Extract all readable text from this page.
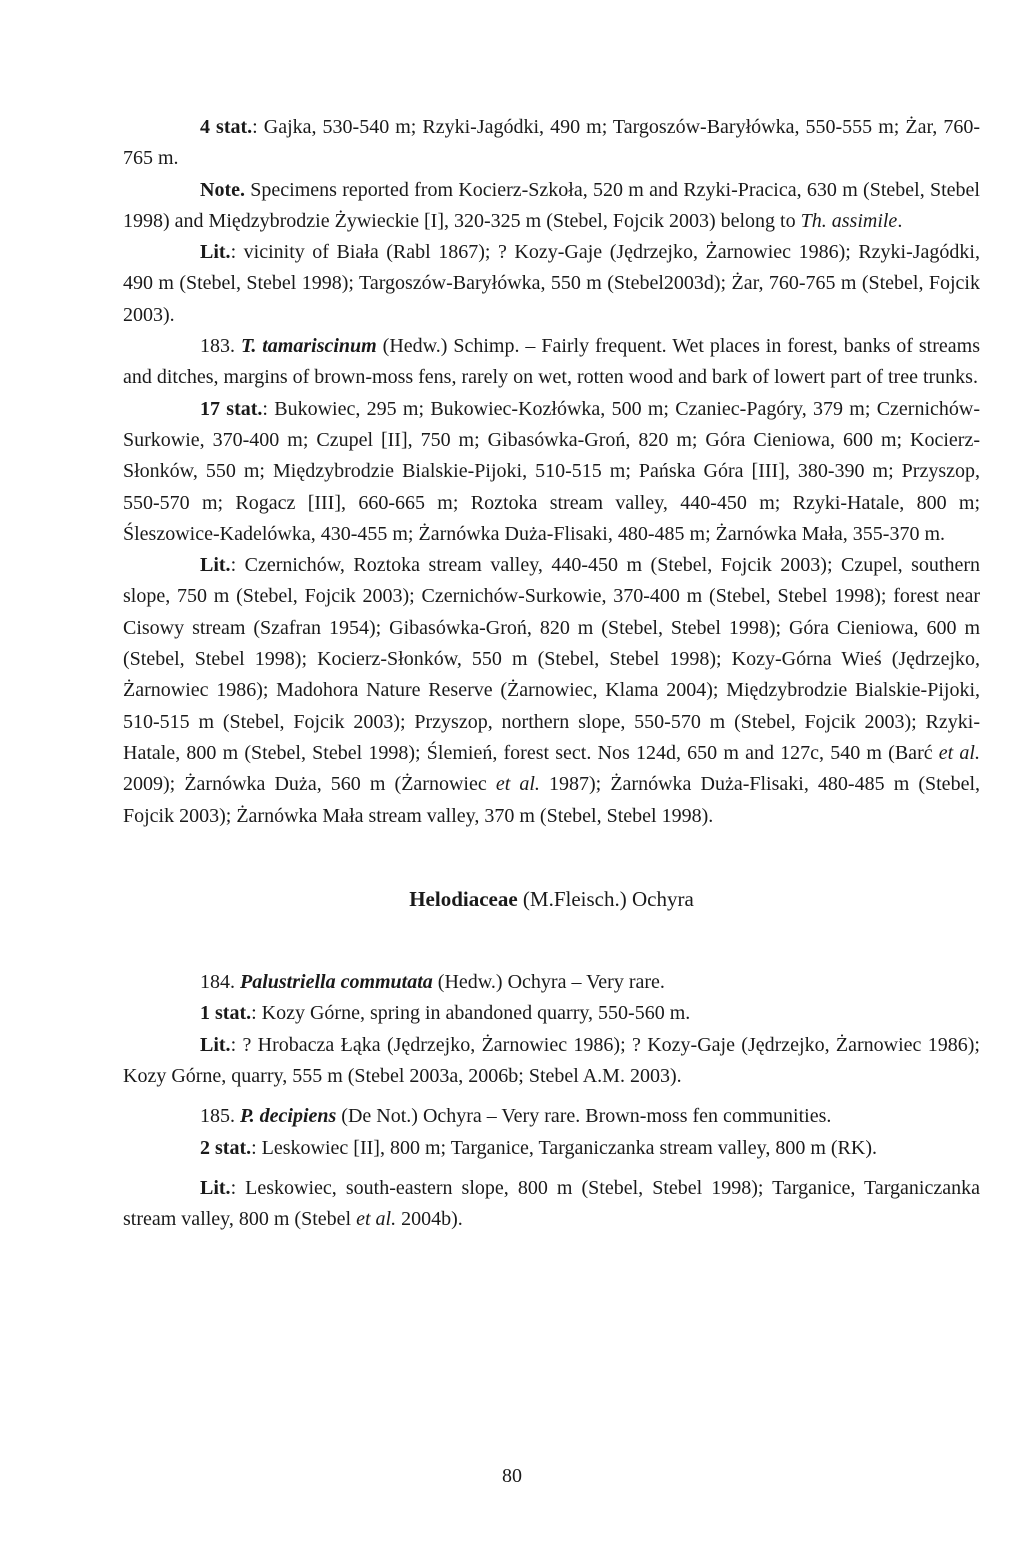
4 stat.: Gajka, 530-540 m; Rzyki-Jagódki, 490 m; Targoszów-Baryłówka, 550-555 m; Żar, 760-765 m.

Note. Specimens reported from Kocierz-Szkoła, 520 m and Rzyki-Pracica, 630 m (Stebel, Stebel 1998) and Międzybrodzie Żywieckie [I], 320-325 m (Stebel, Fojcik 2003) belong to Th. assimile.

Lit.: vicinity of Biała (Rabl 1867); ? Kozy-Gaje (Jędrzejko, Żarnowiec 1986); Rzyki-Jagódki, 490 m (Stebel, Stebel 1998); Targoszów-Baryłówka, 550 m (Stebel2003d); Żar, 760-765 m (Stebel, Fojcik 2003).

183. T. tamariscinum (Hedw.) Schimp. – Fairly frequent. Wet places in forest, banks of streams and ditches, margins of brown-moss fens, rarely on wet, rotten wood and bark of lowert part of tree trunks.

17 stat.: Bukowiec, 295 m; Bukowiec-Kozłówka, 500 m; Czaniec-Pagóry, 379 m; Czernichów-Surkowie, 370-400 m; Czupel [II], 750 m; Gibasówka-Groń, 820 m; Góra Cieniowa, 600 m; Kocierz-Słonków, 550 m; Międzybrodzie Bialskie-Pijoki, 510-515 m; Pańska Góra [III], 380-390 m; Przyszop, 550-570 m; Rogacz [III], 660-665 m; Roztoka stream valley, 440-450 m; Rzyki-Hatale, 800 m; Śleszowice-Kadelówka, 430-455 m; Żarnówka Duża-Flisaki, 480-485 m; Żarnówka Mała, 355-370 m.

Lit.: Czernichów, Roztoka stream valley, 440-450 m (Stebel, Fojcik 2003); Czupel, southern slope, 750 m (Stebel, Fojcik 2003); Czernichów-Surkowie, 370-400 m (Stebel, Stebel 1998); forest near Cisowy stream (Szafran 1954); Gibasówka-Groń, 820 m (Stebel, Stebel 1998); Góra Cieniowa, 600 m (Stebel, Stebel 1998); Kocierz-Słonków, 550 m (Stebel, Stebel 1998); Kozy-Górna Wieś (Jędrzejko, Żarnowiec 1986); Madohora Nature Reserve (Żarnowiec, Klama 2004); Międzybrodzie Bialskie-Pijoki, 510-515 m (Stebel, Fojcik 2003); Przyszop, northern slope, 550-570 m (Stebel, Fojcik 2003); Rzyki-Hatale, 800 m (Stebel, Stebel 1998); Ślemień, forest sect. Nos 124d, 650 m and 127c, 540 m (Barć et al. 2009); Żarnówka Duża, 560 m (Żarnowiec et al. 1987); Żarnówka Duża-Flisaki, 480-485 m (Stebel, Fojcik 2003); Żarnówka Mała stream valley, 370 m (Stebel, Stebel 1998).

Helodiaceae (M.Fleisch.) Ochyra

184. Palustriella commutata (Hedw.) Ochyra – Very rare.

1 stat.: Kozy Górne, spring in abandoned quarry, 550-560 m.

Lit.: ? Hrobacza Łąka (Jędrzejko, Żarnowiec 1986); ? Kozy-Gaje (Jędrzejko, Żarnowiec 1986); Kozy Górne, quarry, 555 m (Stebel 2003a, 2006b; Stebel A.M. 2003).

185. P. decipiens (De Not.) Ochyra – Very rare. Brown-moss fen communities.

2 stat.: Leskowiec [II], 800 m; Targanice, Targaniczanka stream valley, 800 m (RK).

Lit.: Leskowiec, south-eastern slope, 800 m (Stebel, Stebel 1998); Targanice, Targaniczanka stream valley, 800 m (Stebel et al. 2004b).

80
